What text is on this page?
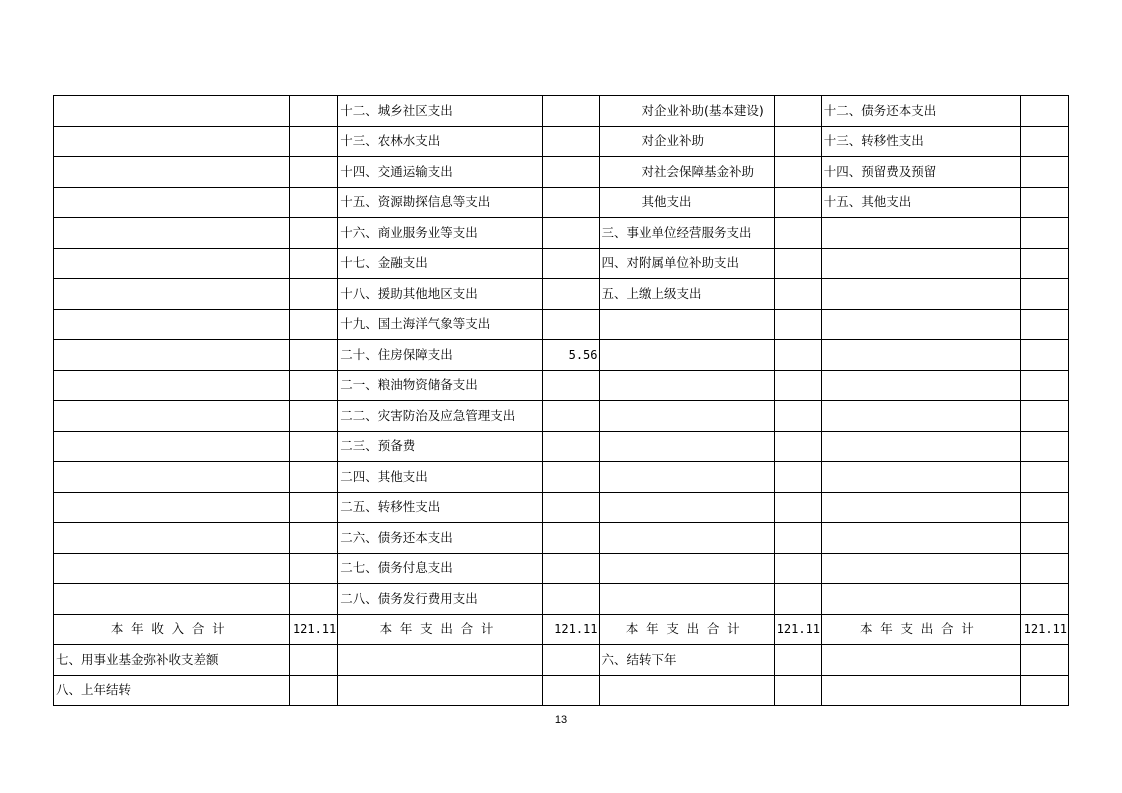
		十二、城乡社区支出		对企业补助(基本建设)		十二、债务还本支出	
		十三、农林水支出		对企业补助		十三、转移性支出	
		十四、交通运输支出		对社会保障基金补助		十四、预留费及预留	
		十五、资源勘探信息等支出		其他支出		十五、其他支出	
		十六、商业服务业等支出		三、事业单位经营服务支出			
		十七、金融支出		四、对附属单位补助支出			
		十八、援助其他地区支出		五、上缴上级支出			
		十九、国土海洋气象等支出					
		二十、住房保障支出	5.56				
		二一、粮油物资储备支出					
		二二、灾害防治及应急管理支出					
		二三、预备费					
		二四、其他支出					
		二五、转移性支出					
		二六、债务还本支出					
		二七、债务付息支出					
		二八、债务发行费用支出					
本年收入合计	121.11	本年支出合计	121.11	本年支出合计	121.11	本年支出合计	121.11
七、用事业基金弥补收支差额				六、结转下年			
八、上年结转							
13
